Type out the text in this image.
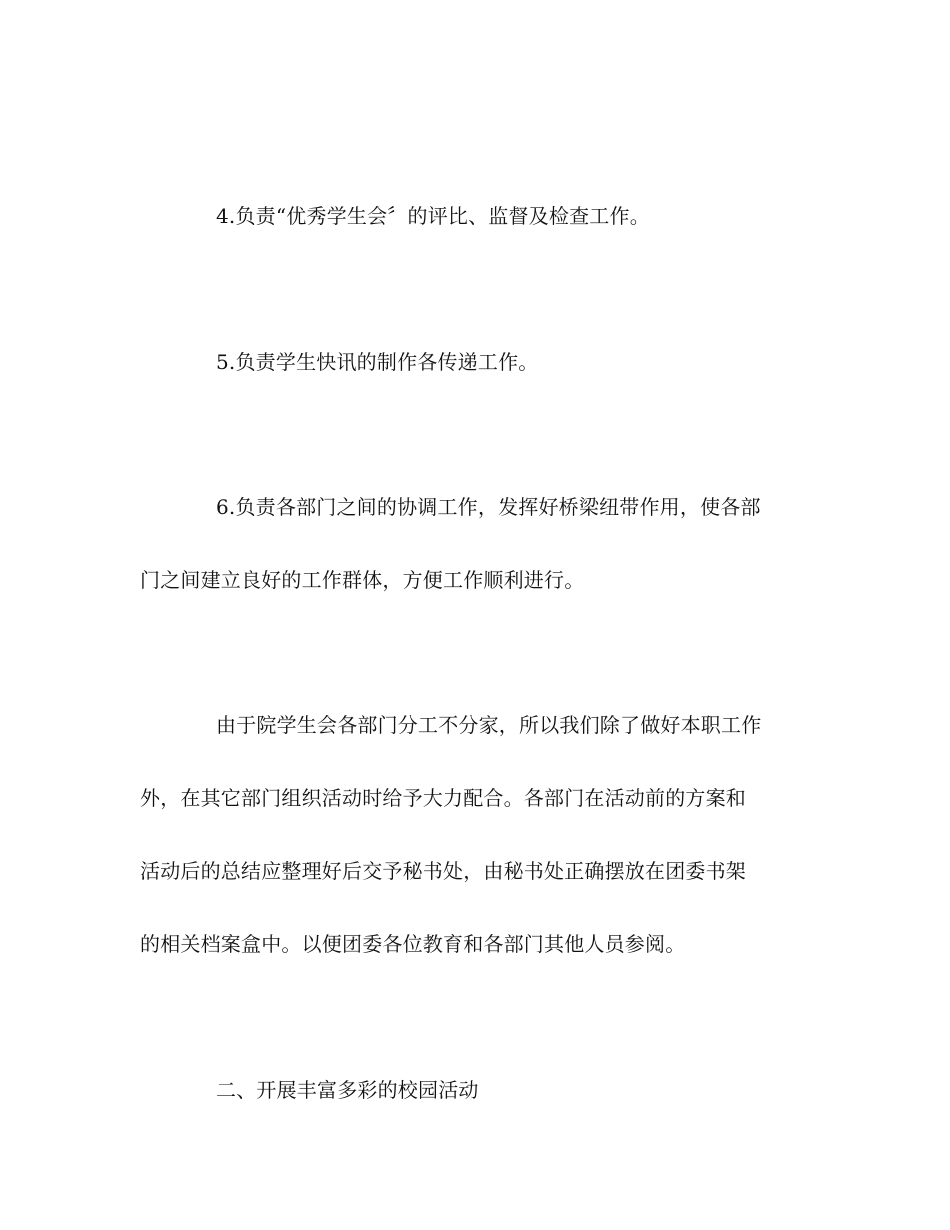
4.负责“优秀学生会〞的评比、监督及检查工作。
5.负责学生快讯的制作各传递工作。
6.负责各部门之间的协调工作，发挥好桥梁纽带作用，使各部
门之间建立良好的工作群体，方便工作顺利进行。
由于院学生会各部门分工不分家，所以我们除了做好本职工作
外，在其它部门组织活动时给予大力配合。各部门在活动前的方案和
活动后的总结应整理好后交予秘书处，由秘书处正确摆放在团委书架
的相关档案盒中。以便团委各位教育和各部门其他人员参阅。
二、开展丰富多彩的校园活动
